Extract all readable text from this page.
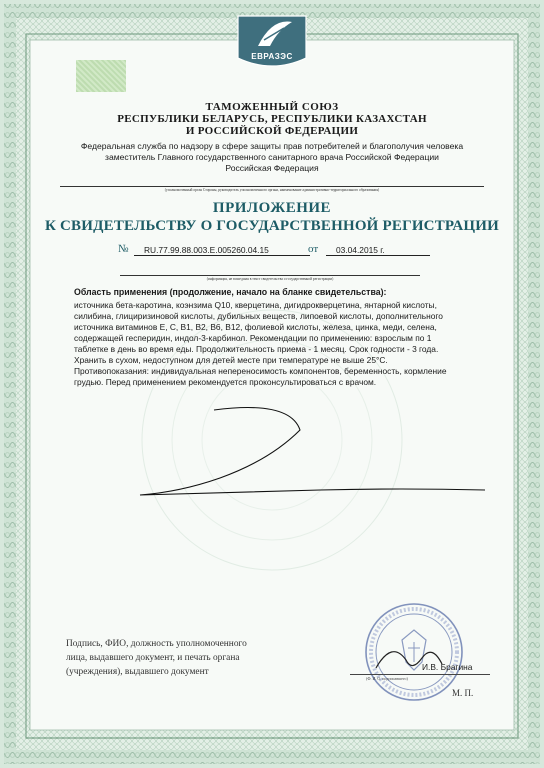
ЕВРАЗЭС
ТАМОЖЕННЫЙ СОЮЗ
РЕСПУБЛИКИ БЕЛАРУСЬ, РЕСПУБЛИКИ КАЗАХСТАН
И РОССИЙСКОЙ ФЕДЕРАЦИИ
Федеральная служба по надзору в сфере защиты прав потребителей и благополучия человека
заместитель Главного государственного санитарного врача Российской Федерации
Российская Федерация
(уполномоченный орган Стороны, руководитель уполномоченного органа, наименование административно-территориального образования)
ПРИЛОЖЕНИЕ
К СВИДЕТЕЛЬСТВУ О ГОСУДАРСТВЕННОЙ РЕГИСТРАЦИИ
№ RU.77.99.88.003.E.005260.04.15	от 03.04.2015 г.
(информация, не вошедшая в текст свидетельства о государственной регистрации)
Область применения (продолжение, начало на бланке свидетельства):
источника бета-каротина, коэнзима Q10, кверцетина, дигидрокверцетина, янтарной кислоты,
силибина, глициризиновой кислоты, дубильных веществ, липоевой кислоты, дополнительного
источника витаминов Е, С, В1, В2, В6, В12, фолиевой кислоты, железа, цинка, меди, селена,
содержащей гесперидин, индол-3-карбинол. Рекомендации по применению: взрослым по 1
таблетке в день во время еды. Продолжительность приема - 1 месяц. Срок годности - 3 года.
Хранить в сухом, недоступном для детей месте при температуре не выше 25°С.
Противопоказания: индивидуальная непереносимость компонентов, беременность, кормление
грудью. Перед применением рекомендуется проконсультироваться с врачом.
Подпись, ФИО, должность уполномоченного
лица, выдавшего документ, и печать органа
(учреждения), выдавшего документ	И.В. Брагина
(Ф. И. О. подписавшего)
М. П.
